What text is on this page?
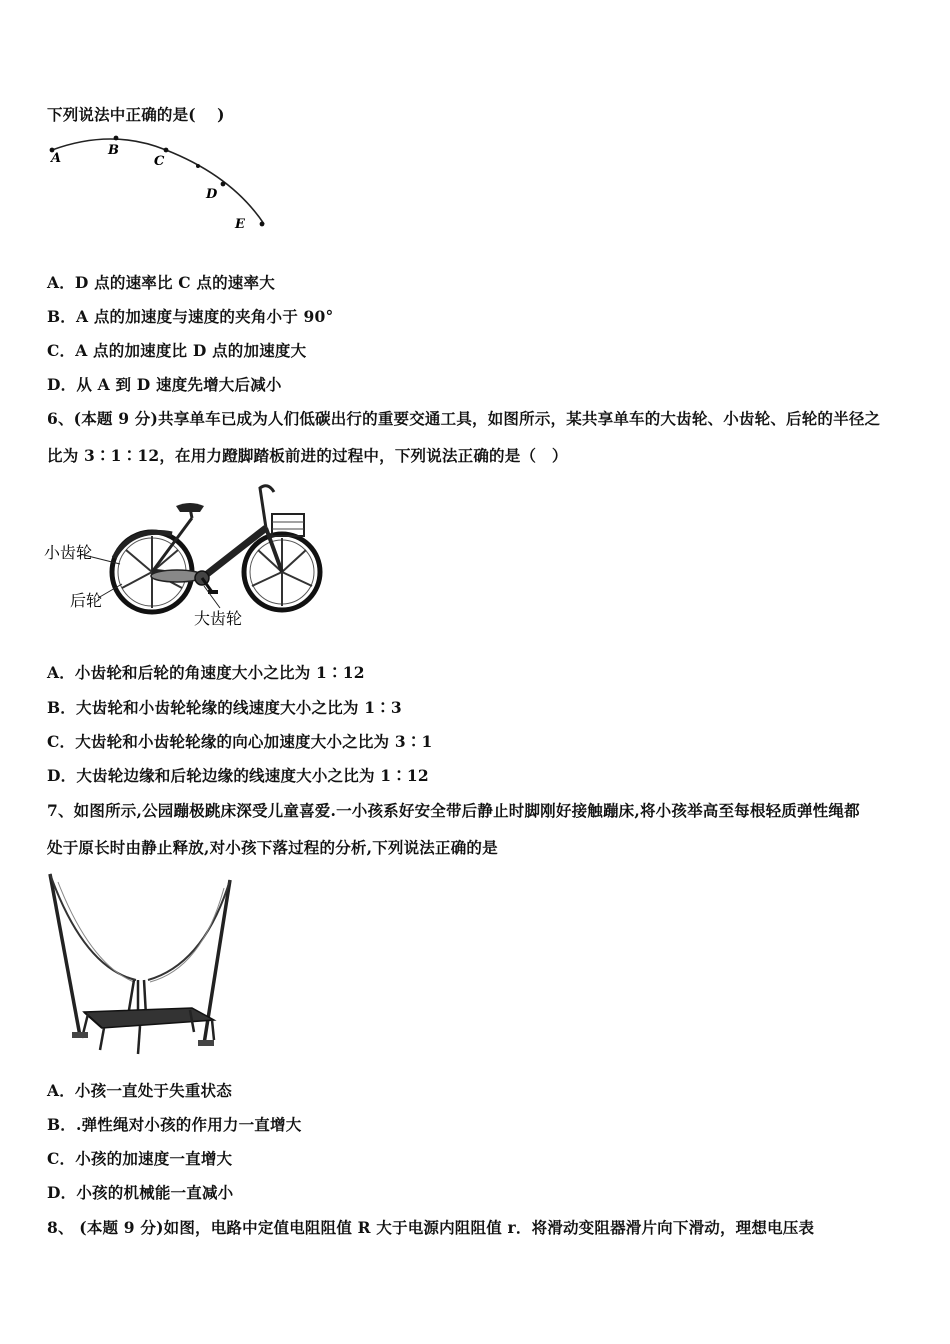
下列说法中正确的是(　 )
A
B
C
D
E
A．D 点的速率比 C 点的速率大
B．A 点的加速度与速度的夹角小于 90°
C．A 点的加速度比 D 点的加速度大
D．从 A 到 D 速度先增大后减小
6、(本题 9 分)共享单车已成为人们低碳出行的重要交通工具，如图所示，某共享单车的大齿轮、小齿轮、后轮的半径之
比为 3∶1∶12，在用力蹬脚踏板前进的过程中，下列说法正确的是（　）
小齿轮
后轮
大齿轮
A．小齿轮和后轮的角速度大小之比为 1∶12
B．大齿轮和小齿轮轮缘的线速度大小之比为 1∶3
C．大齿轮和小齿轮轮缘的向心加速度大小之比为 3∶1
D．大齿轮边缘和后轮边缘的线速度大小之比为 1∶12
7、如图所示,公园蹦极跳床深受儿童喜爱.一小孩系好安全带后静止时脚刚好接触蹦床,将小孩举高至每根轻质弹性绳都
处于原长时由静止释放,对小孩下落过程的分析,下列说法正确的是
A．小孩一直处于失重状态
B．.弹性绳对小孩的作用力一直增大
C．小孩的加速度一直增大
D．小孩的机械能一直减小
8、 (本题 9 分)如图，电路中定值电阻阻值 R 大于电源内阻阻值 r．将滑动变阻器滑片向下滑动，理想电压表
